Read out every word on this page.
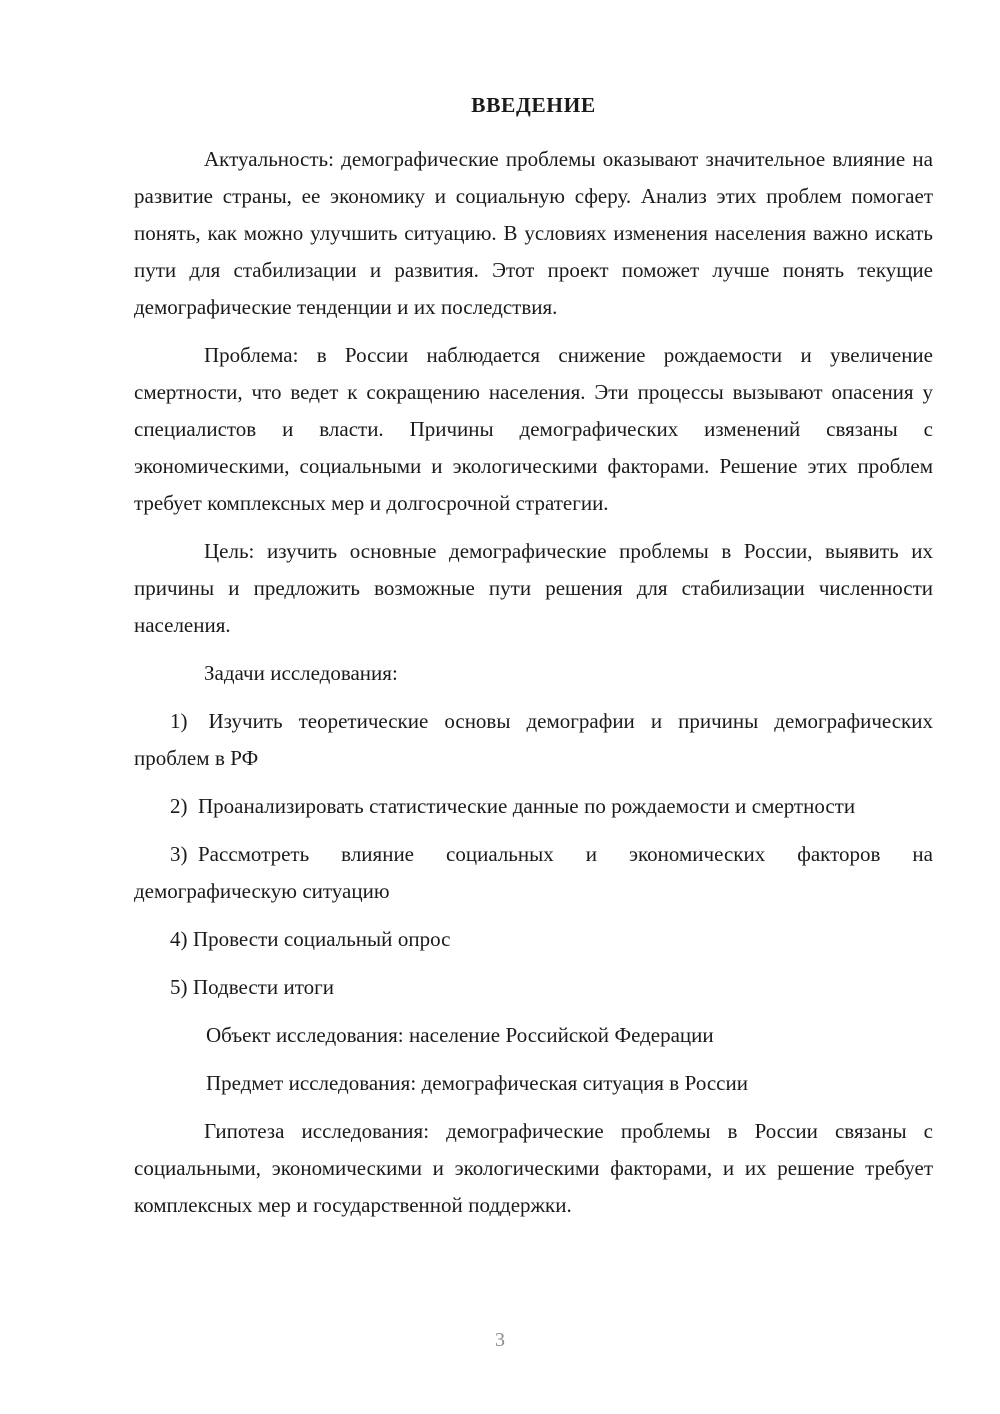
ВВЕДЕНИЕ

Актуальность: демографические проблемы оказывают значительное влияние на развитие страны, ее экономику и социальную сферу. Анализ этих проблем помогает понять, как можно улучшить ситуацию. В условиях изменения населения важно искать пути для стабилизации и развития. Этот проект поможет лучше понять текущие демографические тенденции и их последствия.

Проблема: в России наблюдается снижение рождаемости и увеличение смертности, что ведет к сокращению населения. Эти процессы вызывают опасения у специалистов и власти. Причины демографических изменений связаны с экономическими, социальными и экологическими факторами. Решение этих проблем требует комплексных мер и долгосрочной стратегии.

Цель: изучить основные демографические проблемы в России, выявить их причины и предложить возможные пути решения для стабилизации численности населения.

Задачи исследования:

1) Изучить теоретические основы демографии и причины демографических проблем в РФ

2) Проанализировать статистические данные по рождаемости и смертности

3) Рассмотреть влияние социальных и экономических факторов на демографическую ситуацию

4) Провести социальный опрос

5) Подвести итоги

Объект исследования: население Российской Федерации

Предмет исследования: демографическая ситуация в России

Гипотеза исследования: демографические проблемы в России связаны с социальными, экономическими и экологическими факторами, и их решение требует комплексных мер и государственной поддержки.

3
